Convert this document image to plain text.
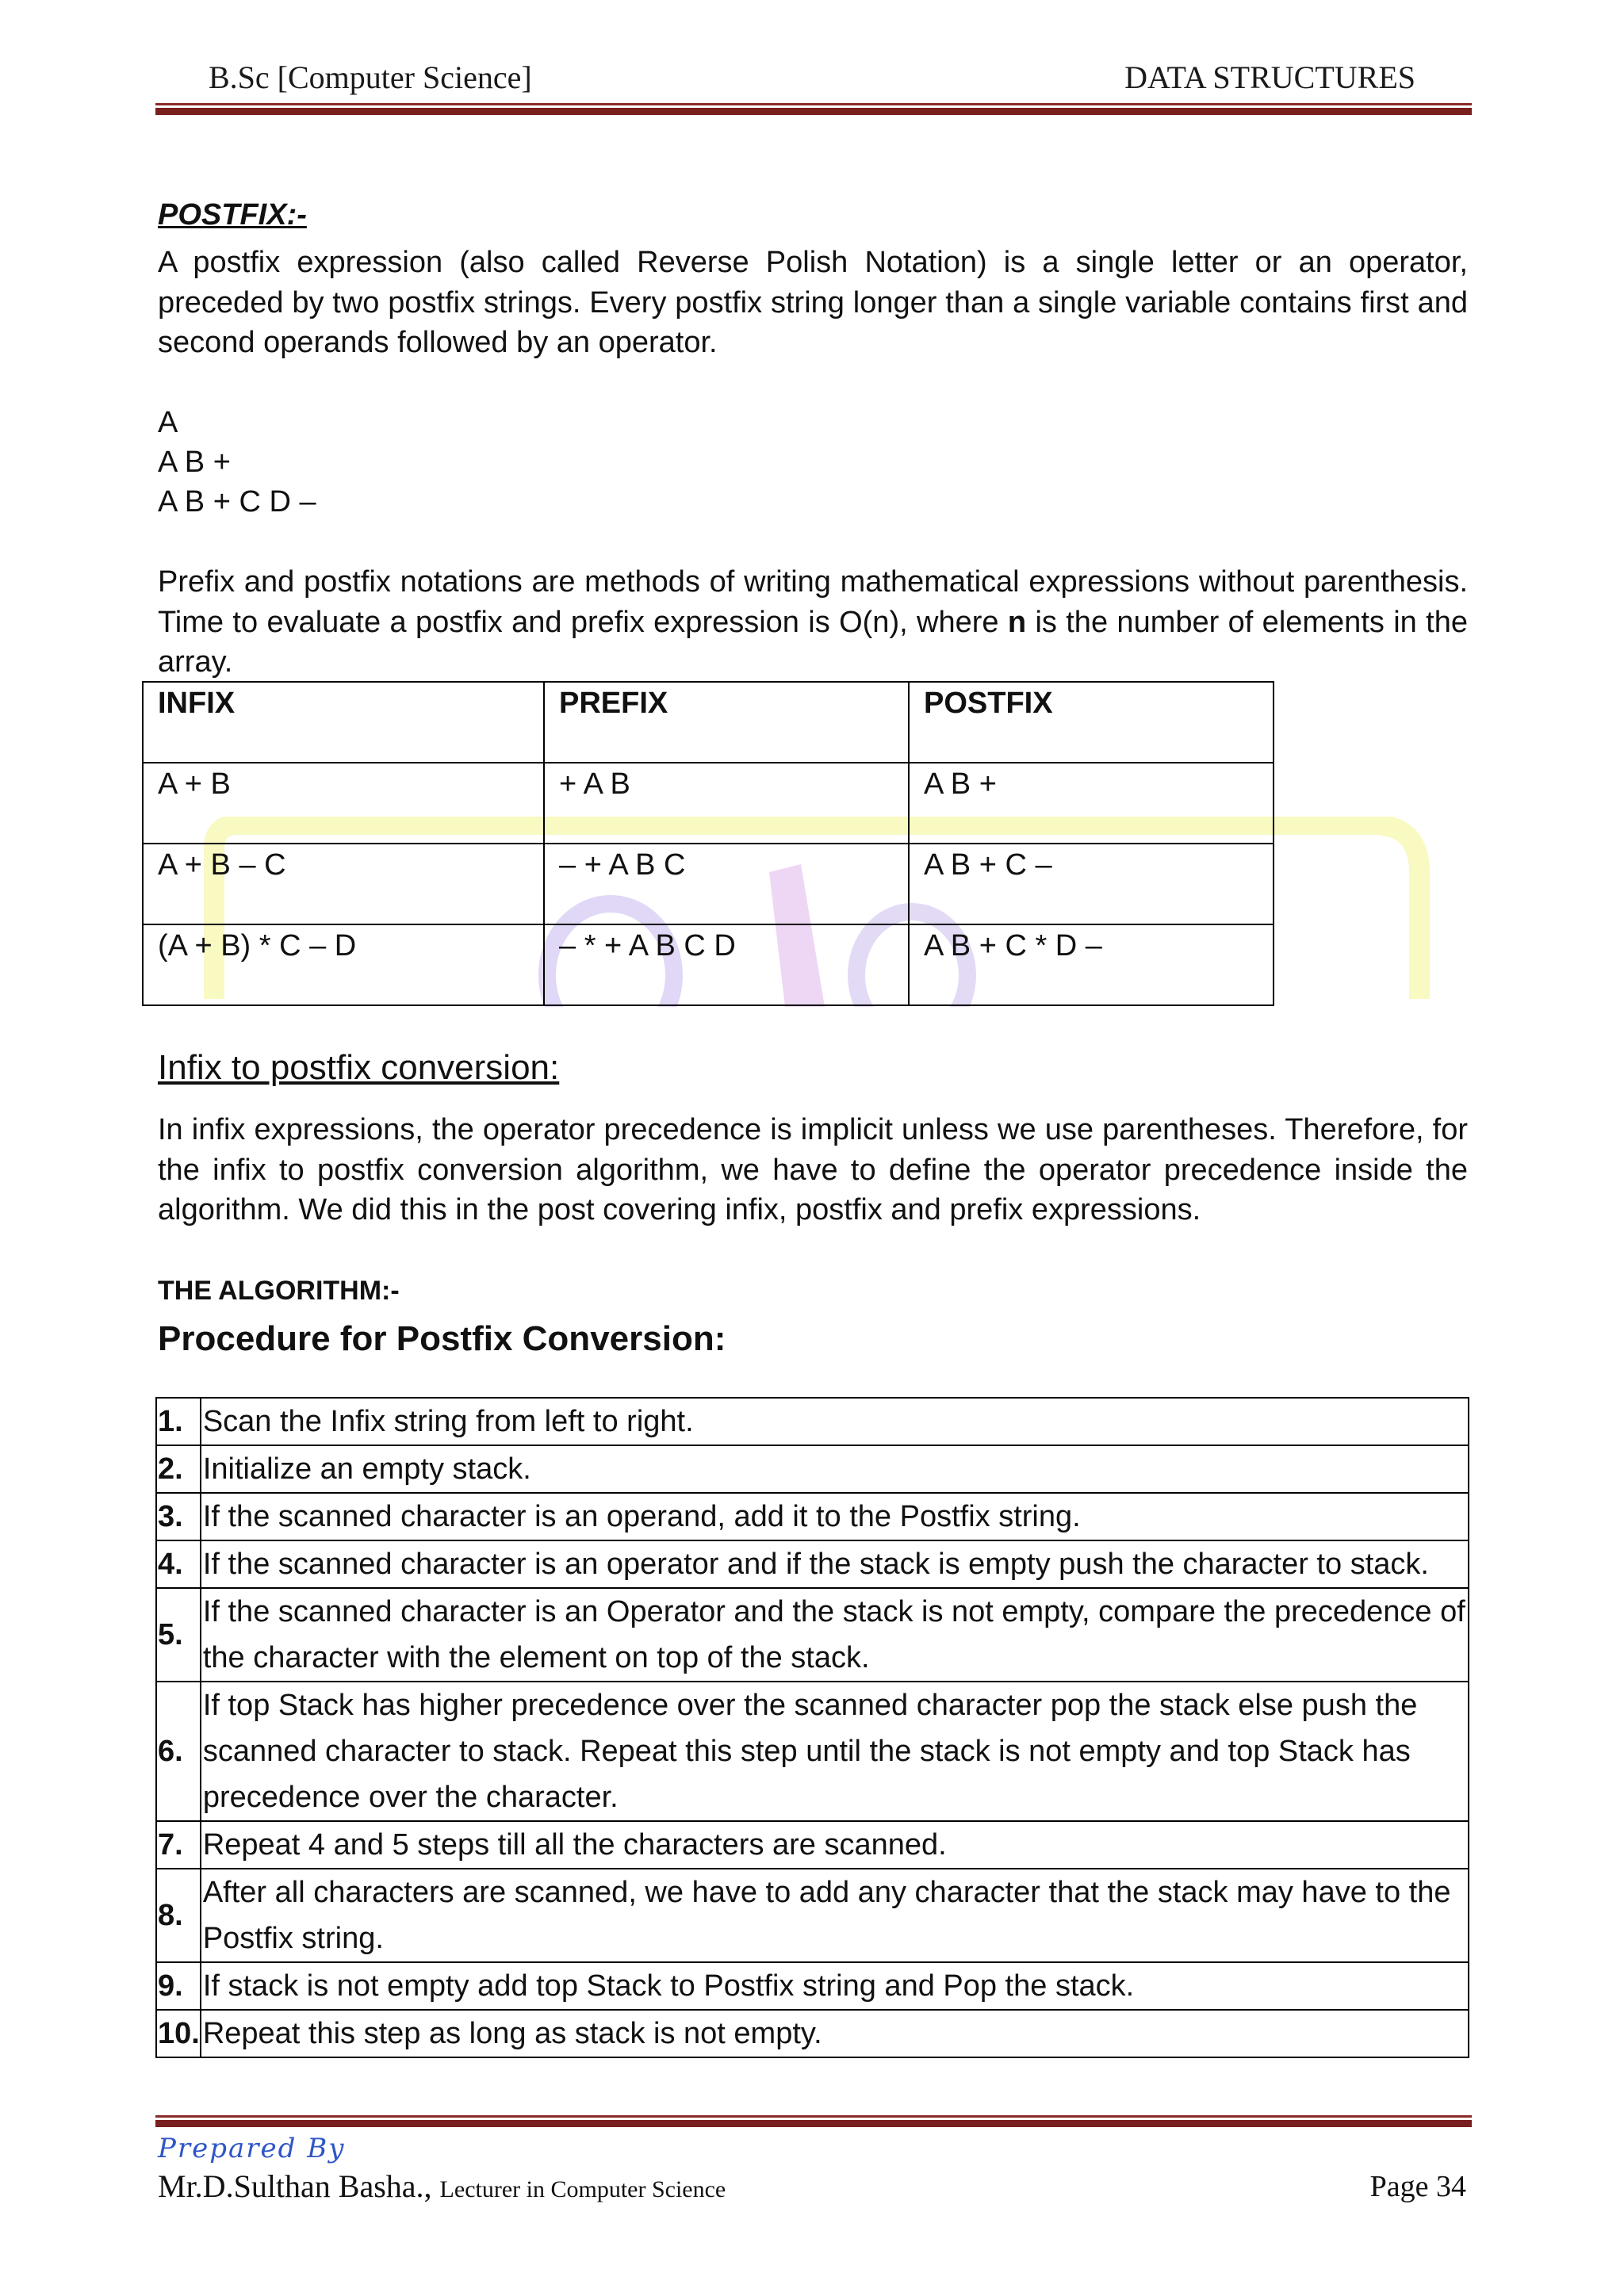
B.Sc [Computer Science]	DATA STRUCTURES
POSTFIX:-
A postfix expression (also called Reverse Polish Notation) is a single letter or an operator, preceded by two postfix strings. Every postfix string longer than a single variable contains first and second operands followed by an operator.
A
A B +
A B + C D –
Prefix and postfix notations are methods of writing mathematical expressions without parenthesis. Time to evaluate a postfix and prefix expression is O(n), where n is the number of elements in the array.
INFIX	PREFIX	POSTFIX
A + B	+ A B	A B +
A + B – C	– + A B C	A B + C –
(A + B) * C – D	– * + A B C D	A B + C * D –
Infix to postfix conversion:
In infix expressions, the operator precedence is implicit unless we use parentheses. Therefore, for the infix to postfix conversion algorithm, we have to define the operator precedence inside the algorithm. We did this in the post covering infix, postfix and prefix expressions.
THE ALGORITHM:-
Procedure for Postfix Conversion:
1.	Scan the Infix string from left to right.
2.	Initialize an empty stack.
3.	If the scanned character is an operand, add it to the Postfix string.
4.	If the scanned character is an operator and if the stack is empty push the character to stack.
5.	If the scanned character is an Operator and the stack is not empty, compare the precedence of the character with the element on top of the stack.
6.	If top Stack has higher precedence over the scanned character pop the stack else push the scanned character to stack. Repeat this step until the stack is not empty and top Stack has precedence over the character.
7.	Repeat 4 and 5 steps till all the characters are scanned.
8.	After all characters are scanned, we have to add any character that the stack may have to the Postfix string.
9.	If stack is not empty add top Stack to Postfix string and Pop the stack.
10.	Repeat this step as long as stack is not empty.
Prepared By
Mr.D.Sulthan Basha., Lecturer in Computer Science	Page 34
